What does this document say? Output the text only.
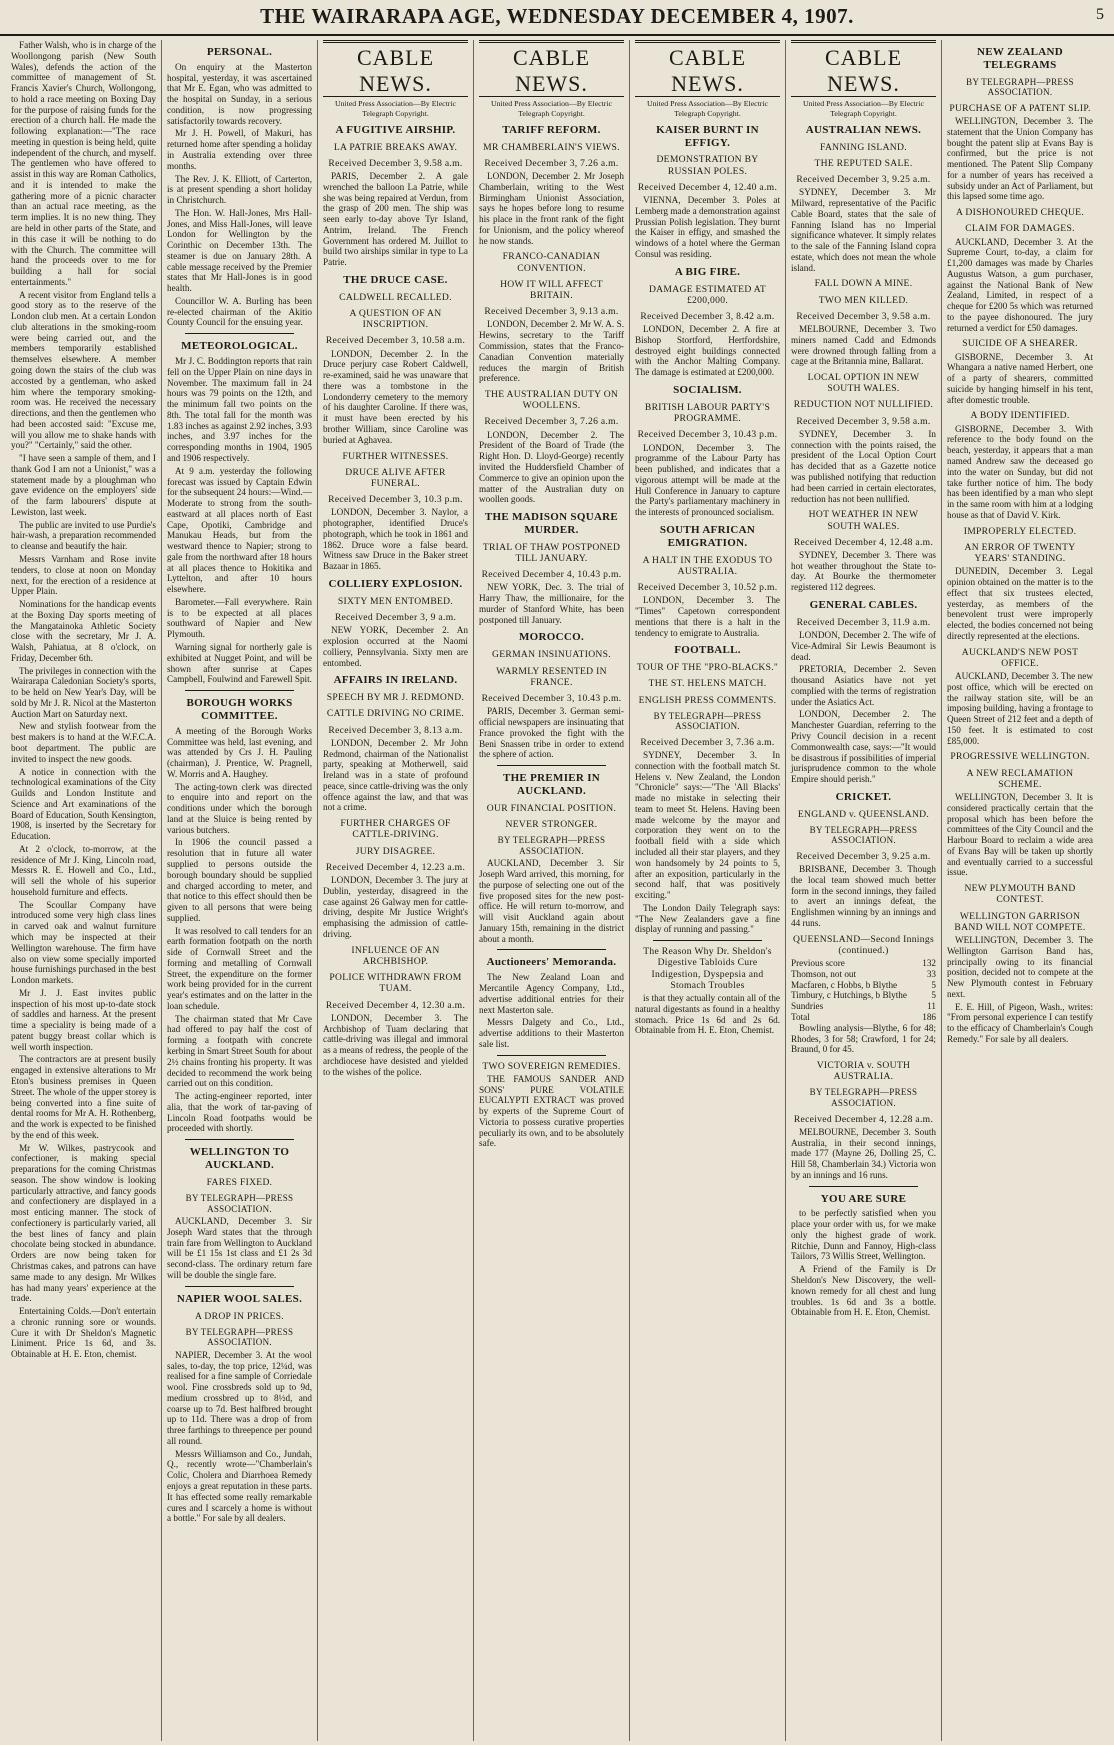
THE WAIRARAPA AGE, WEDNESDAY DECEMBER 4, 1907.	5

Father Walsh, who is in charge of the Woollongong parish (New South Wales), defends the action of the committee of management of St. Francis Xavier's Church, Wollongong, to hold a race meeting on Boxing Day for the purpose of raising funds for the erection of a church hall. He made the following explanation:—"The race meeting in question is being held, quite independent of the church, and myself. The gentlemen who have offered to assist in this way are Roman Catholics, and it is intended to make the gathering more of a picnic character than an actual race meeting, as the term implies. It is no new thing. They are held in other parts of the State, and in this case it will be nothing to do with the Church. The committee will hand the proceeds over to me for building a hall for social entertainments."

A recent visitor from England tells a good story as to the reserve of the London club men. At a certain London club alterations in the smoking-room were being carried out, and the members temporarily established themselves elsewhere. A member going down the stairs of the club was accosted by a gentleman, who asked him where the temporary smoking-room was. He received the necessary directions, and then the gentlemen who had been accosted said: "Excuse me, will you allow me to shake hands with you?" "Certainly," said the other.

"I have seen a sample of them, and I thank God I am not a Unionist," was a statement made by a ploughman who gave evidence on the employers' side of the farm labourers' dispute at Lewiston, last week.

The public are invited to use Purdie's hair-wash, a preparation recommended to cleanse and beautify the hair.

Messrs Varnham and Rose invite tenders, to close at noon on Monday next, for the erection of a residence at Upper Plain.

Nominations for the handicap events at the Boxing Day sports meeting of the Mangatainoka Athletic Society close with the secretary, Mr J. A. Walsh, Pahiatua, at 8 o'clock, on Friday, December 6th.

The privileges in connection with the Wairarapa Caledonian Society's sports, to be held on New Year's Day, will be sold by Mr J. R. Nicol at the Masterton Auction Mart on Saturday next.

New and stylish footwear from the best makers is to hand at the W.F.C.A. boot department. The public are invited to inspect the new goods.

A notice in connection with the technological examinations of the City Guilds and London Institute and Science and Art examinations of the Board of Education, South Kensington, 1908, is inserted by the Secretary for Education.

At 2 o'clock, to-morrow, at the residence of Mr J. King, Lincoln road, Messrs R. E. Howell and Co., Ltd., will sell the whole of his superior household furniture and effects.

The Scoullar Company have introduced some very high class lines in carved oak and walnut furniture which may be inspected at their Wellington warehouse. The firm have also on view some specially imported house furnishings purchased in the best London markets.

Mr J. J. East invites public inspection of his most up-to-date stock of saddles and harness. At the present time a speciality is being made of a patent buggy breast collar which is well worth inspection.

The contractors are at present busily engaged in extensive alterations to Mr Eton's business premises in Queen Street. The whole of the upper storey is being converted into a fine suite of dental rooms for Mr A. H. Rothenberg, and the work is expected to be finished by the end of this week.

Mr W. Wilkes, pastrycook and confectioner, is making special preparations for the coming Christmas season. The show window is looking particularly attractive, and fancy goods and confectionery are displayed in a most enticing manner. The stock of confectionery is particularly varied, all the best lines of fancy and plain chocolate being stocked in abundance. Orders are now being taken for Christmas cakes, and patrons can have same made to any design. Mr Wilkes has had many years' experience at the trade.

Entertaining Colds.—Don't entertain a chronic running sore or wounds. Cure it with Dr Sheldon's Magnetic Liniment. Price 1s 6d, and 3s. Obtainable at H. E. Eton, chemist.

PERSONAL.

On enquiry at the Masterton hospital, yesterday, it was ascertained that Mr E. Egan, who was admitted to the hospital on Sunday, in a serious condition, is now progressing satisfactorily towards recovery.

Mr J. H. Powell, of Makuri, has returned home after spending a holiday in Australia extending over three months.

The Rev. J. K. Elliott, of Carterton, is at present spending a short holiday in Christchurch.

The Hon. W. Hall-Jones, Mrs Hall-Jones, and Miss Hall-Jones, will leave London for Wellington by the Corinthic on December 13th. The steamer is due on January 28th. A cable message received by the Premier states that Mr Hall-Jones is in good health.

Councillor W. A. Burling has been re-elected chairman of the Akitio County Council for the ensuing year.

METEOROLOGICAL.

Mr J. C. Boddington reports that rain fell on the Upper Plain on nine days in November. The maximum fall in 24 hours was 79 points on the 12th, and the minimum fall two points on the 8th. The total fall for the month was 1.83 inches as against 2.92 inches, 3.93 inches, and 3.97 inches for the corresponding months in 1904, 1905 and 1906 respectively.

At 9 a.m. yesterday the following forecast was issued by Captain Edwin for the subsequent 24 hours:—Wind.—Moderate to strong from the south-eastward at all places north of East Cape, Opotiki, Cambridge and Manukau Heads, but from the westward thence to Napier; strong to gale from the northward after 18 hours at all places thence to Hokitika and Lyttelton, and after 10 hours elsewhere.

Barometer.—Fall everywhere. Rain is to be expected at all places southward of Napier and New Plymouth.

Warning signal for northerly gale is exhibited at Nugget Point, and will be shown after sunrise at Capes Campbell, Foulwind and Farewell Spit.

BOROUGH WORKS COMMITTEE.

A meeting of the Borough Works Committee was held, last evening, and was attended by Crs J. H. Pauling (chairman), J. Prentice, W. Pragnell, W. Morris and A. Haughey.

The acting-town clerk was directed to enquire into and report on the conditions under which the borough land at the Sluice is being rented by various butchers.

In 1906 the council passed a resolution that in future all water supplied to persons outside the borough boundary should be supplied and charged according to meter, and that notice to this effect should then be given to all persons that were being supplied.

It was resolved to call tenders for an earth formation footpath on the north side of Cornwall Street and the forming and metalling of Cornwall Street, the expenditure on the former work being provided for in the current year's estimates and on the latter in the loan schedule.

The chairman stated that Mr Cave had offered to pay half the cost of forming a footpath with concrete kerbing in Smart Street South for about 2½ chains fronting his property. It was decided to recommend the work being carried out on this condition.

The acting-engineer reported, inter alia, that the work of tar-paving of Lincoln Road footpaths would be proceeded with shortly.

WELLINGTON TO AUCKLAND.
FARES FIXED.
BY TELEGRAPH—PRESS ASSOCIATION.

AUCKLAND, December 3. Sir Joseph Ward states that the through train fare from Wellington to Auckland will be £1 15s 1st class and £1 2s 3d second-class. The ordinary return fare will be double the single fare.

NAPIER WOOL SALES.
A DROP IN PRICES.
BY TELEGRAPH—PRESS ASSOCIATION.

NAPIER, December 3. At the wool sales, to-day, the top price, 12¼d, was realised for a fine sample of Corriedale wool. Fine crossbreds sold up to 9d, medium crossbred up to 8½d, and coarse up to 7d. Best halfbred brought up to 11d. There was a drop of from three farthings to threepence per pound all round.

Messrs Williamson and Co., Jundah, Q., recently wrote—"Chamberlain's Colic, Cholera and Diarrhoea Remedy enjoys a great reputation in these parts. It has effected some really remarkable cures and I scarcely a home is without a bottle." For sale by all dealers.

CABLE NEWS.
United Press Association—By Electric Telegraph Copyright.
A FUGITIVE AIRSHIP.
LA PATRIE BREAKS AWAY.
Received December 3, 9.58 a.m.

PARIS, December 2. A gale wrenched the balloon La Patrie, while she was being repaired at Verdun, from the grasp of 200 men. The ship was seen early to-day above Tyr Island, Antrim, Ireland. The French Government has ordered M. Juillot to build two airships similar in type to La Patrie.

THE DRUCE CASE.
CALDWELL RECALLED.
A QUESTION OF AN INSCRIPTION.
Received December 3, 10.58 a.m.

LONDON, December 2. In the Druce perjury case Robert Caldwell, re-examined, said he was unaware that there was a tombstone in the Londonderry cemetery to the memory of his daughter Caroline. If there was, it must have been erected by his brother William, since Caroline was buried at Aghavea.

FURTHER WITNESSES.
DRUCE ALIVE AFTER FUNERAL.
Received December 3, 10.3 p.m.

LONDON, December 3. Naylor, a photographer, identified Druce's photograph, which he took in 1861 and 1862. Druce wore a false beard. Witness saw Druce in the Baker street Bazaar in 1865.

COLLIERY EXPLOSION.
SIXTY MEN ENTOMBED.
Received December 3, 9 a.m.

NEW YORK, December 2. An explosion occurred at the Naomi colliery, Pennsylvania. Sixty men are entombed.

AFFAIRS IN IRELAND.
SPEECH BY MR J. REDMOND.
CATTLE DRIVING NO CRIME.
Received December 3, 8.13 a.m.

LONDON, December 2. Mr John Redmond, chairman of the Nationalist party, speaking at Motherwell, said Ireland was in a state of profound peace, since cattle-driving was the only offence against the law, and that was not a crime.

FURTHER CHARGES OF CATTLE-DRIVING.
JURY DISAGREE.
Received December 4, 12.23 a.m.

LONDON, December 3. The jury at Dublin, yesterday, disagreed in the case against 26 Galway men for cattle-driving, despite Mr Justice Wright's emphasising the admission of cattle-driving.

INFLUENCE OF AN ARCHBISHOP.
POLICE WITHDRAWN FROM TUAM.
Received December 4, 12.30 a.m.

LONDON, December 3. The Archbishop of Tuam declaring that cattle-driving was illegal and immoral as a means of redress, the people of the archdiocese have desisted and yielded to the wishes of the police.

CABLE NEWS.
United Press Association—By Electric Telegraph Copyright.
TARIFF REFORM.
MR CHAMBERLAIN'S VIEWS.
Received December 3, 7.26 a.m.

LONDON, December 2. Mr Joseph Chamberlain, writing to the West Birmingham Unionist Association, says he hopes before long to resume his place in the front rank of the fight for Unionism, and the policy whereof he now stands.

FRANCO-CANADIAN CONVENTION.
HOW IT WILL AFFECT BRITAIN.
Received December 3, 9.13 a.m.

LONDON, December 2. Mr W. A. S. Hewins, secretary to the Tariff Commission, states that the Franco-Canadian Convention materially reduces the margin of British preference.

THE AUSTRALIAN DUTY ON WOOLLENS.
Received December 3, 7.26 a.m.

LONDON, December 2. The President of the Board of Trade (the Right Hon. D. Lloyd-George) recently invited the Huddersfield Chamber of Commerce to give an opinion upon the matter of the Australian duty on woollen goods.

THE MADISON SQUARE MURDER.
TRIAL OF THAW POSTPONED TILL JANUARY.
Received December 4, 10.43 p.m.

NEW YORK, Dec. 3. The trial of Harry Thaw, the millionaire, for the murder of Stanford White, has been postponed till January.

MOROCCO.
GERMAN INSINUATIONS.
WARMLY RESENTED IN FRANCE.
Received December 3, 10.43 p.m.

PARIS, December 3. German semi-official newspapers are insinuating that France provoked the fight with the Beni Snassen tribe in order to extend the sphere of action.

THE PREMIER IN AUCKLAND.
OUR FINANCIAL POSITION.
NEVER STRONGER.
BY TELEGRAPH—PRESS ASSOCIATION.

AUCKLAND, December 3. Sir Joseph Ward arrived, this morning, for the purpose of selecting one out of the five proposed sites for the new post-office. He will return to-morrow, and will visit Auckland again about January 15th, remaining in the district about a month.

Auctioneers' Memoranda.

The New Zealand Loan and Mercantile Agency Company, Ltd., advertise additional entries for their next Masterton sale.

Messrs Dalgety and Co., Ltd., advertise additions to their Masterton sale list.

TWO SOVEREIGN REMEDIES.

THE FAMOUS SANDER AND SONS' PURE VOLATILE EUCALYPTI EXTRACT was proved by experts of the Supreme Court of Victoria to possess curative properties peculiarly its own, and to be absolutely safe.

CABLE NEWS.
United Press Association—By Electric Telegraph Copyright.
KAISER BURNT IN EFFIGY.
DEMONSTRATION BY RUSSIAN POLES.
Received December 4, 12.40 a.m.

VIENNA, December 3. Poles at Lemberg made a demonstration against Prussian Polish legislation. They burnt the Kaiser in effigy, and smashed the windows of a hotel where the German Consul was residing.

A BIG FIRE.
DAMAGE ESTIMATED AT £200,000.
Received December 3, 8.42 a.m.

LONDON, December 2. A fire at Bishop Stortford, Hertfordshire, destroyed eight buildings connected with the Anchor Malting Company. The damage is estimated at £200,000.

SOCIALISM.
BRITISH LABOUR PARTY'S PROGRAMME.
Received December 3, 10.43 p.m.

LONDON, December 3. The programme of the Labour Party has been published, and indicates that a vigorous attempt will be made at the Hull Conference in January to capture the Party's parliamentary machinery in the interests of pronounced socialism.

SOUTH AFRICAN EMIGRATION.
A HALT IN THE EXODUS TO AUSTRALIA.
Received December 3, 10.52 p.m.

LONDON, December 3. The "Times" Capetown correspondent mentions that there is a halt in the tendency to emigrate to Australia.

FOOTBALL.
TOUR OF THE "PRO-BLACKS."
THE ST. HELENS MATCH.
ENGLISH PRESS COMMENTS.
BY TELEGRAPH—PRESS ASSOCIATION.
Received December 3, 7.36 a.m.

SYDNEY, December 3. In connection with the football match St. Helens v. New Zealand, the London "Chronicle" says:—"The 'All Blacks' made no mistake in selecting their team to meet St. Helens. Having been made welcome by the mayor and corporation they went on to the football field with a side which included all their star players, and they won handsomely by 24 points to 5, after an exposition, particularly in the second half, that was positively exciting."

The London Daily Telegraph says: "The New Zealanders gave a fine display of running and passing."

The Reason Why Dr. Sheldon's Digestive Tabloids Cure Indigestion, Dyspepsia and Stomach Troubles

is that they actually contain all of the natural digestants as found in a healthy stomach. Price 1s 6d and 2s 6d. Obtainable from H. E. Eton, Chemist.

CABLE NEWS.
United Press Association—By Electric Telegraph Copyright.
AUSTRALIAN NEWS.
FANNING ISLAND.
THE REPUTED SALE.
Received December 3, 9.25 a.m.

SYDNEY, December 3. Mr Milward, representative of the Pacific Cable Board, states that the sale of Fanning Island has no Imperial significance whatever. It simply relates to the sale of the Fanning Island copra estate, which does not mean the whole island.

FALL DOWN A MINE.
TWO MEN KILLED.
Received December 3, 9.58 a.m.

MELBOURNE, December 3. Two miners named Cadd and Edmonds were drowned through falling from a cage at the Britannia mine, Ballarat.

LOCAL OPTION IN NEW SOUTH WALES.
REDUCTION NOT NULLIFIED.
Received December 3, 9.58 a.m.

SYDNEY, December 3. In connection with the points raised, the president of the Local Option Court has decided that as a Gazette notice was published notifying that reduction had been carried in certain electorates, reduction has not been nullified.

HOT WEATHER IN NEW SOUTH WALES.
Received December 4, 12.48 a.m.

SYDNEY, December 3. There was hot weather throughout the State to-day. At Bourke the thermometer registered 112 degrees.

GENERAL CABLES.
Received December 3, 11.9 a.m.

LONDON, December 2. The wife of Vice-Admiral Sir Lewis Beaumont is dead.

PRETORIA, December 2. Seven thousand Asiatics have not yet complied with the terms of registration under the Asiatics Act.

LONDON, December 2. The Manchester Guardian, referring to the Privy Council decision in a recent Commonwealth case, says:—"It would be disastrous if possibilities of imperial jurisprudence common to the whole Empire should perish."

CRICKET.
ENGLAND v. QUEENSLAND.
BY TELEGRAPH—PRESS ASSOCIATION.
Received December 3, 9.25 a.m.

BRISBANE, December 3. Though the local team showed much better form in the second innings, they failed to avert an innings defeat, the Englishmen winning by an innings and 44 runs.

QUEENSLAND—Second Innings (continued.)
Previous score	132
Thomson, not out	33
Macfaren, c Hobbs, b Blythe	5
Timbury, c Hutchings, b Blythe	5
Sundries	11
Total	186

Bowling analysis—Blythe, 6 for 48; Rhodes, 3 for 58; Crawford, 1 for 24; Braund, 0 for 45.

VICTORIA v. SOUTH AUSTRALIA.
BY TELEGRAPH—PRESS ASSOCIATION.
Received December 4, 12.28 a.m.

MELBOURNE, December 3. South Australia, in their second innings, made 177 (Mayne 26, Dolling 25, C. Hill 58, Chamberlain 34.) Victoria won by an innings and 16 runs.

YOU ARE SURE

to be perfectly satisfied when you place your order with us, for we make only the highest grade of work. Ritchie, Dunn and Fannoy, High-class Tailors, 73 Willis Street, Wellington.

A Friend of the Family is Dr Sheldon's New Discovery, the well-known remedy for all chest and lung troubles. 1s 6d and 3s a bottle. Obtainable from H. E. Eton, Chemist.

NEW ZEALAND TELEGRAMS
BY TELEGRAPH—PRESS ASSOCIATION.
PURCHASE OF A PATENT SLIP.

WELLINGTON, December 3. The statement that the Union Company has bought the patent slip at Evans Bay is confirmed, but the price is not mentioned. The Patent Slip Company for a number of years has received a subsidy under an Act of Parliament, but this lapsed some time ago.

A DISHONOURED CHEQUE.
CLAIM FOR DAMAGES.

AUCKLAND, December 3. At the Supreme Court, to-day, a claim for £1,200 damages was made by Charles Augustus Watson, a gum purchaser, against the National Bank of New Zealand, Limited, in respect of a cheque for £200 5s which was returned to the payee dishonoured. The jury returned a verdict for £50 damages.

SUICIDE OF A SHEARER.

GISBORNE, December 3. At Whangara a native named Herbert, one of a party of shearers, committed suicide by hanging himself in his tent, after domestic trouble.

A BODY IDENTIFIED.

GISBORNE, December 3. With reference to the body found on the beach, yesterday, it appears that a man named Andrew saw the deceased go into the water on Sunday, but did not take further notice of him. The body has been identified by a man who slept in the same room with him at a lodging house as that of David V. Kirk.

IMPROPERLY ELECTED.
AN ERROR OF TWENTY YEARS' STANDING.

DUNEDIN, December 3. Legal opinion obtained on the matter is to the effect that six trustees elected, yesterday, as members of the benevolent trust were improperly elected, the bodies concerned not being directly represented at the elections.

AUCKLAND'S NEW POST OFFICE.

AUCKLAND, December 3. The new post office, which will be erected on the railway station site, will be an imposing building, having a frontage to Queen Street of 212 feet and a depth of 150 feet. It is estimated to cost £85,000.

PROGRESSIVE WELLINGTON.
A NEW RECLAMATION SCHEME.

WELLINGTON, December 3. It is considered practically certain that the proposal which has been before the committees of the City Council and the Harbour Board to reclaim a wide area of Evans Bay will be taken up shortly and eventually carried to a successful issue.

NEW PLYMOUTH BAND CONTEST.
WELLINGTON GARRISON BAND WILL NOT COMPETE.

WELLINGTON, December 3. The Wellington Garrison Band has, principally owing to its financial position, decided not to compete at the New Plymouth contest in February next.

E. E. Hill, of Pigeon, Wash., writes: "From personal experience I can testify to the efficacy of Chamberlain's Cough Remedy." For sale by all dealers.
